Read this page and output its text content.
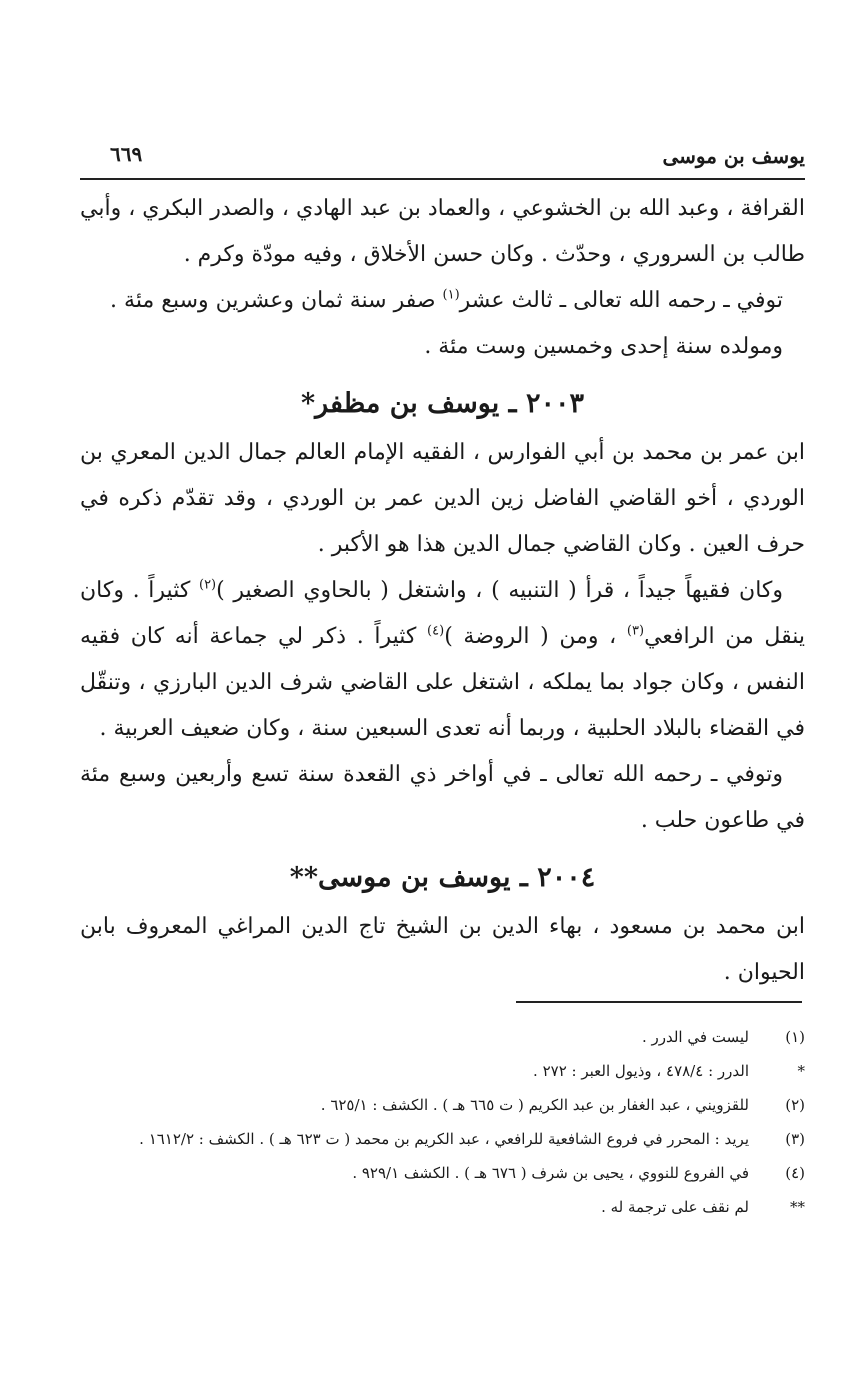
يوسف بن موسى
٦٦٩

القرافة ، وعبد الله بن الخشوعي ، والعماد بن عبد الهادي ، والصدر البكري ، وأبي طالب بن السروري ، وحدّث . وكان حسن الأخلاق ، وفيه مودّة وكرم .

توفي ـ رحمه الله تعالى ـ ثالث عشر$^{(١)}$ صفر سنة ثمان وعشرين وسبع مئة .

ومولده سنة إحدى وخمسين وست مئة .

٢٠٠٣ ـ يوسف بن مظفر*

ابن عمر بن محمد بن أبي الفوارس ، الفقيه الإمام العالم جمال الدين المعري بن الوردي ، أخو القاضي الفاضل زين الدين عمر بن الوردي ، وقد تقدّم ذكره في حرف العين . وكان القاضي جمال الدين هذا هو الأكبر .

وكان فقيهاً جيداً ، قرأ ( التنبيه ) ، واشتغل ( بالحاوي الصغير )$^{(٢)}$ كثيراً . وكان ينقل من الرافعي$^{(٣)}$ ، ومن ( الروضة )$^{(٤)}$ كثيراً . ذكر لي جماعة أنه كان فقيه النفس ، وكان جواد بما يملكه ، اشتغل على القاضي شرف الدين البارزي ، وتنقّل في القضاء بالبلاد الحلبية ، وربما أنه تعدى السبعين سنة ، وكان ضعيف العربية .

وتوفي ـ رحمه الله تعالى ـ في أواخر ذي القعدة سنة تسع وأربعين وسبع مئة في طاعون حلب .

٢٠٠٤ ـ يوسف بن موسى**

ابن محمد بن مسعود ، بهاء الدين بن الشيخ تاج الدين المراغي المعروف بابن الحيوان .

(١)
ليست في الدرر .
*
الدرر : ٤٧٨/٤ ، وذيول العبر : ٢٧٢ .
(٢)
للقزويني ، عبد الغفار بن عبد الكريم ( ت ٦٦٥ هـ ) . الكشف : ٦٢٥/١ .
(٣)
يريد : المحرر في فروع الشافعية للرافعي ، عبد الكريم بن محمد ( ت ٦٢٣ هـ ) . الكشف : ١٦١٢/٢ .
(٤)
في الفروع للنووي ، يحيى بن شرف ( ٦٧٦ هـ ) . الكشف ٩٢٩/١ .
**
لم نقف على ترجمة له .
